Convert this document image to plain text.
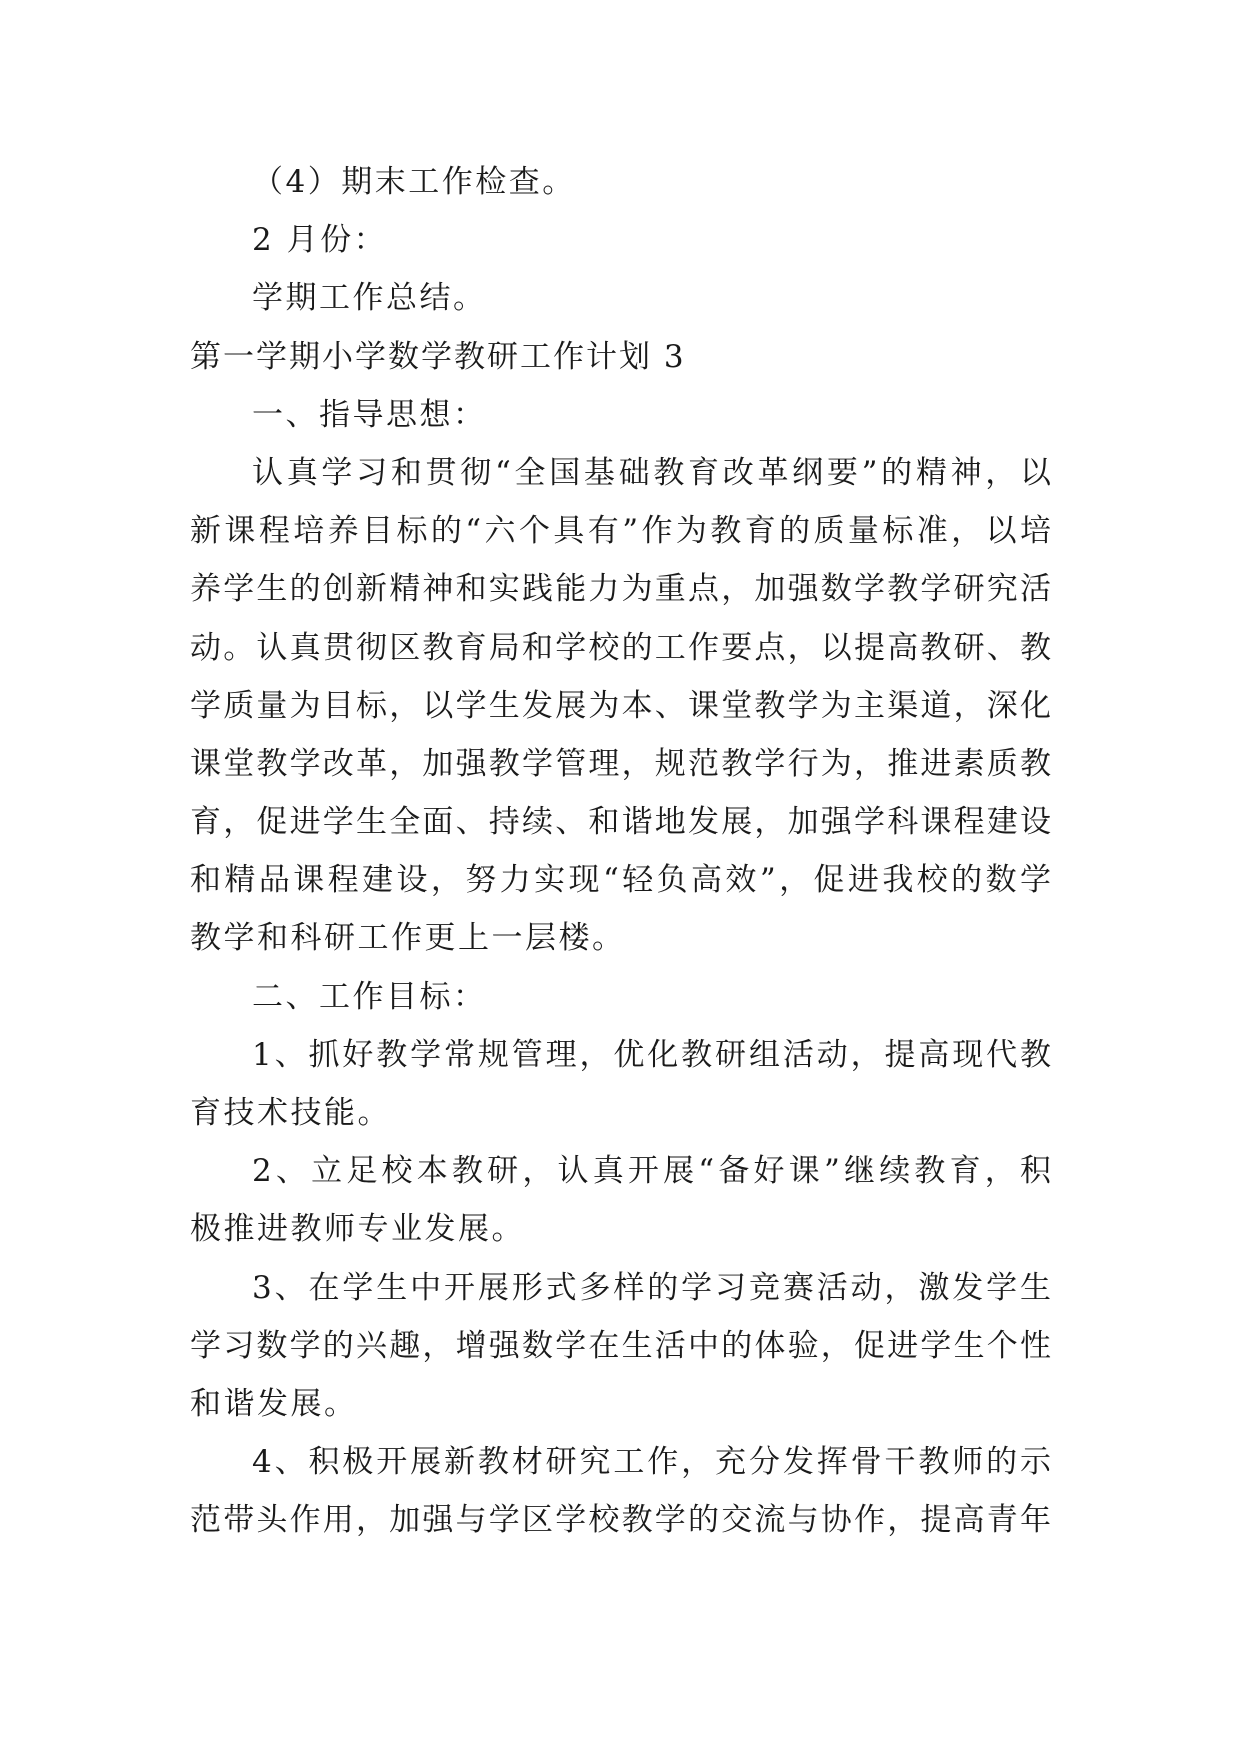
（4）期末工作检查。
2 月份：
学期工作总结。
第一学期小学数学教研工作计划 3
一、指导思想：
认真学习和贯彻“全国基础教育改革纲要”的精神，以
新课程培养目标的“六个具有”作为教育的质量标准，以培
养学生的创新精神和实践能力为重点，加强数学教学研究活
动。认真贯彻区教育局和学校的工作要点，以提高教研、教
学质量为目标，以学生发展为本、课堂教学为主渠道，深化
课堂教学改革，加强教学管理，规范教学行为，推进素质教
育，促进学生全面、持续、和谐地发展，加强学科课程建设
和精品课程建设，努力实现“轻负高效”，促进我校的数学
教学和科研工作更上一层楼。
二、工作目标：
1、抓好教学常规管理，优化教研组活动，提高现代教
育技术技能。
2、立足校本教研，认真开展“备好课”继续教育，积
极推进教师专业发展。
3、在学生中开展形式多样的学习竞赛活动，激发学生
学习数学的兴趣，增强数学在生活中的体验，促进学生个性
和谐发展。
4、积极开展新教材研究工作，充分发挥骨干教师的示
范带头作用，加强与学区学校教学的交流与协作，提高青年
